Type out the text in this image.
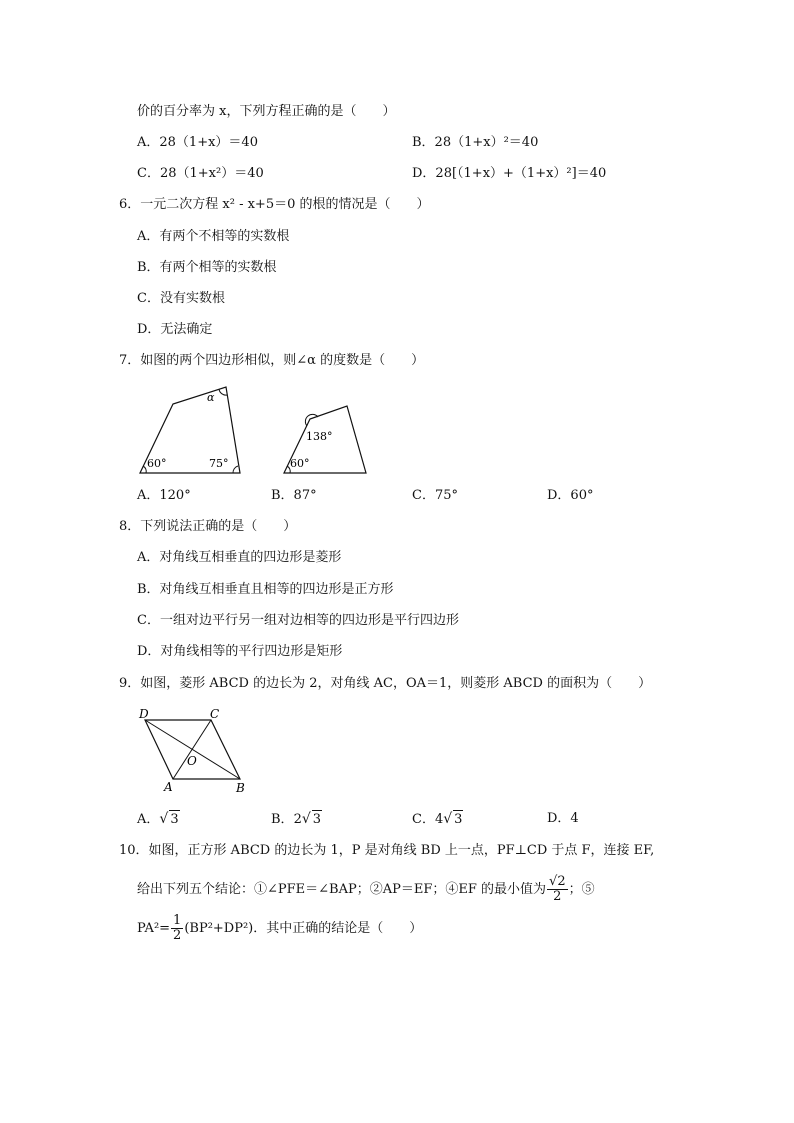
价的百分率为 x，下列方程正确的是（　　）
A．28（1+x）＝40	B．28（1+x）²＝40
C．28（1+x²）＝40	D．28[（1+x）+（1+x）²]＝40
6．一元二次方程 x² - x+5＝0 的根的情况是（　　）
A．有两个不相等的实数根
B．有两个相等的实数根
C．没有实数根
D．无法确定
7．如图的两个四边形相似，则∠α 的度数是（　　）
α
60°	75°
138°
60°
A．120°	B．87°	C．75°	D．60°
8．下列说法正确的是（　　）
A．对角线互相垂直的四边形是菱形
B．对角线互相垂直且相等的四边形是正方形
C．一组对边平行另一组对边相等的四边形是平行四边形
D．对角线相等的平行四边形是矩形
9．如图，菱形 ABCD 的边长为 2，对角线 AC，OA＝1，则菱形 ABCD 的面积为（　　）
D	C
O
A	B
A．√ 3	B．2√ 3	C．4√ 3	D．4
10．如图，正方形 ABCD 的边长为 1，P 是对角线 BD 上一点，PF⊥CD 于点 F，连接 EF,
给出下列五个结论：①∠PFE＝∠BAP；②AP＝EF；④EF 的最小值为 $\frac{√2}{2}$ ；⑤
$PA^2= \frac{1}{2} (BP^2+DP^2)$．其中正确的结论是（　　）
